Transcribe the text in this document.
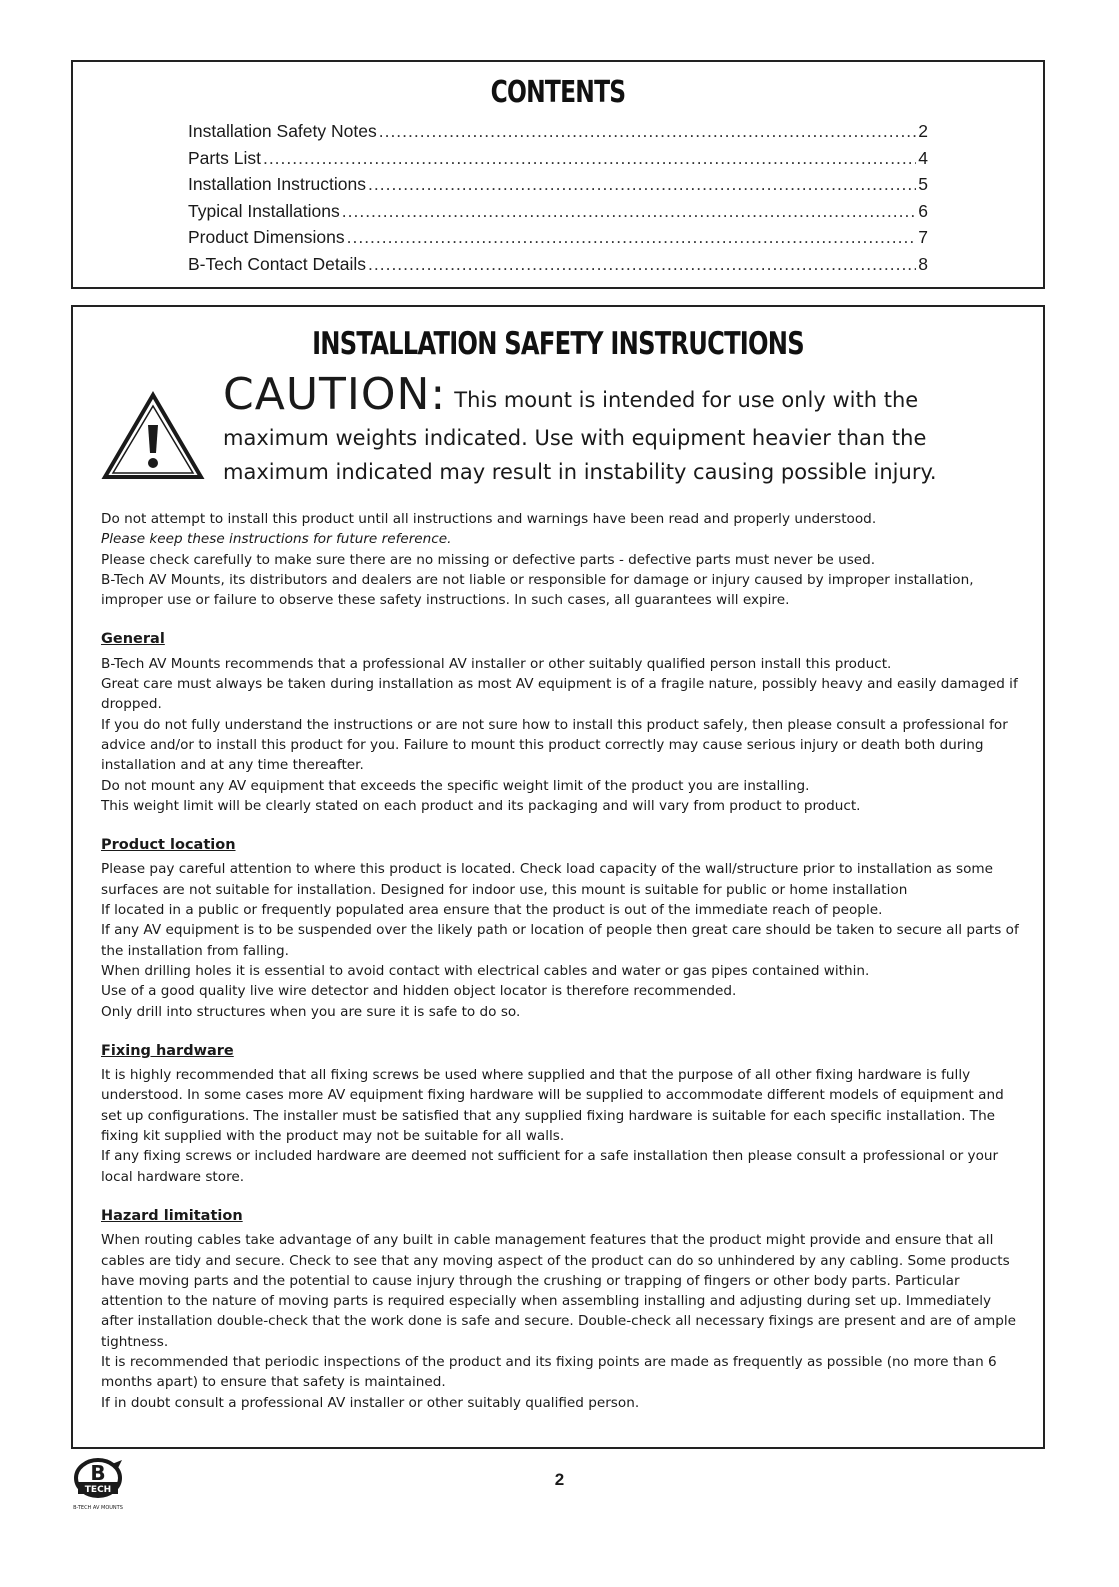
CONTENTS
Installation Safety Notes .....	2
Parts List .....	4
Installation Instructions .....	5
Typical Installations .....	6
Product Dimensions .....	7
B-Tech Contact Details .....	8
INSTALLATION SAFETY INSTRUCTIONS
CAUTION: This mount is intended for use only with the
maximum weights indicated. Use with equipment heavier than the
maximum indicated may result in instability causing possible injury.

Do not attempt to install this product until all instructions and warnings have been read and properly understood.

Please keep these instructions for future reference.

Please check carefully to make sure there are no missing or defective parts - defective parts must never be used.

B-Tech AV Mounts, its distributors and dealers are not liable or responsible for damage or injury caused by improper installation, improper use or failure to observe these safety instructions. In such cases, all guarantees will expire.

General

B-Tech AV Mounts recommends that a professional AV installer or other suitably qualified person install this product.

Great care must always be taken during installation as most AV equipment is of a fragile nature, possibly heavy and easily damaged if dropped.

If you do not fully understand the instructions or are not sure how to install this product safely, then please consult a professional for advice and/or to install this product for you. Failure to mount this product correctly may cause serious injury or death both during installation and at any time thereafter.

Do not mount any AV equipment that exceeds the specific weight limit of the product you are installing.

This weight limit will be clearly stated on each product and its packaging and will vary from product to product.

Product location

Please pay careful attention to where this product is located. Check load capacity of the wall/structure prior to installation as some surfaces are not suitable for installation. Designed for indoor use, this mount is suitable for public or home installation

If located in a public or frequently populated area ensure that the product is out of the immediate reach of people.

If any AV equipment is to be suspended over the likely path or location of people then great care should be taken to secure all parts of the installation from falling.

When drilling holes it is essential to avoid contact with electrical cables and water or gas pipes contained within.

Use of a good quality live wire detector and hidden object locator is therefore recommended.

Only drill into structures when you are sure it is safe to do so.

Fixing hardware

It is highly recommended that all fixing screws be used where supplied and that the purpose of all other fixing hardware is fully understood. In some cases more AV equipment fixing hardware will be supplied to accommodate different models of equipment and set up configurations. The installer must be satisfied that any supplied fixing hardware is suitable for each specific installation. The fixing kit supplied with the product may not be suitable for all walls.

If any fixing screws or included hardware are deemed not sufficient for a safe installation then please consult a professional or your local hardware store.

Hazard limitation

When routing cables take advantage of any built in cable management features that the product might provide and ensure that all cables are tidy and secure. Check to see that any moving aspect of the product can do so unhindered by any cabling. Some products have moving parts and the potential to cause injury through the crushing or trapping of fingers or other body parts. Particular attention to the nature of moving parts is required especially when assembling installing and adjusting during set up. Immediately after installation double-check that the work done is safe and secure. Double-check all necessary fixings are present and are of ample tightness.

It is recommended that periodic inspections of the product and its fixing points are made as frequently as possible (no more than 6 months apart) to ensure that safety is maintained.

If in doubt consult a professional AV installer or other suitably qualified person.

B
TECH
B-TECH AV MOUNTS
2
